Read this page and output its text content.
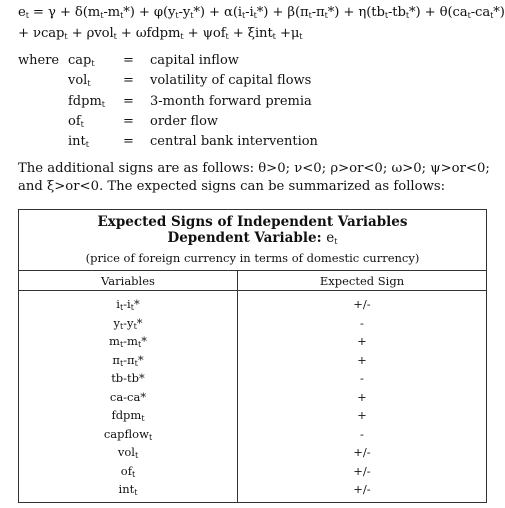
$e_t = \gamma + \delta(m_t-m_t*) + \varphi(y_t-y_t*) + \alpha(i_t-i_t*) + \beta(\pi_t-\pi_t*) + \eta(tb_t-tb_t*) + \theta(ca_t-ca_t*)$
+ νcap$_t$ + ρvol$_t$ + ωfdpm$_t$ + $\psi of_t + \xi int_t +\mu_t$
where cap$_t$ = capital inflow
vol$_t$ = volatility of capital flows
fdpm$_t$ = 3-month forward premia
$of_t$	= order flow
int$_t$	= central bank intervention
The additional signs are as follows: θ>0; ν<0; ρ>or<0; ω>0; ψ>or<0;
and ξ>or<0. The expected signs can be summarized as follows:
Expected Signs of Independent Variables
Dependent Variable: $e_t$
(price of foreign currency in terms of domestic currency)	

Variables	Expected Sign
$i_t-i_t*$	+/-
$y_t-y_t*$	-
$m_t-m_t*$	+
$\pi_t-\pi_t*$	+
tb-tb*	-
ca-ca*	+
fdpm$_t$	+
capflow$_t$	-
vol$_t$	+/-
$of_t$	+/-
int$_t$	+/-
